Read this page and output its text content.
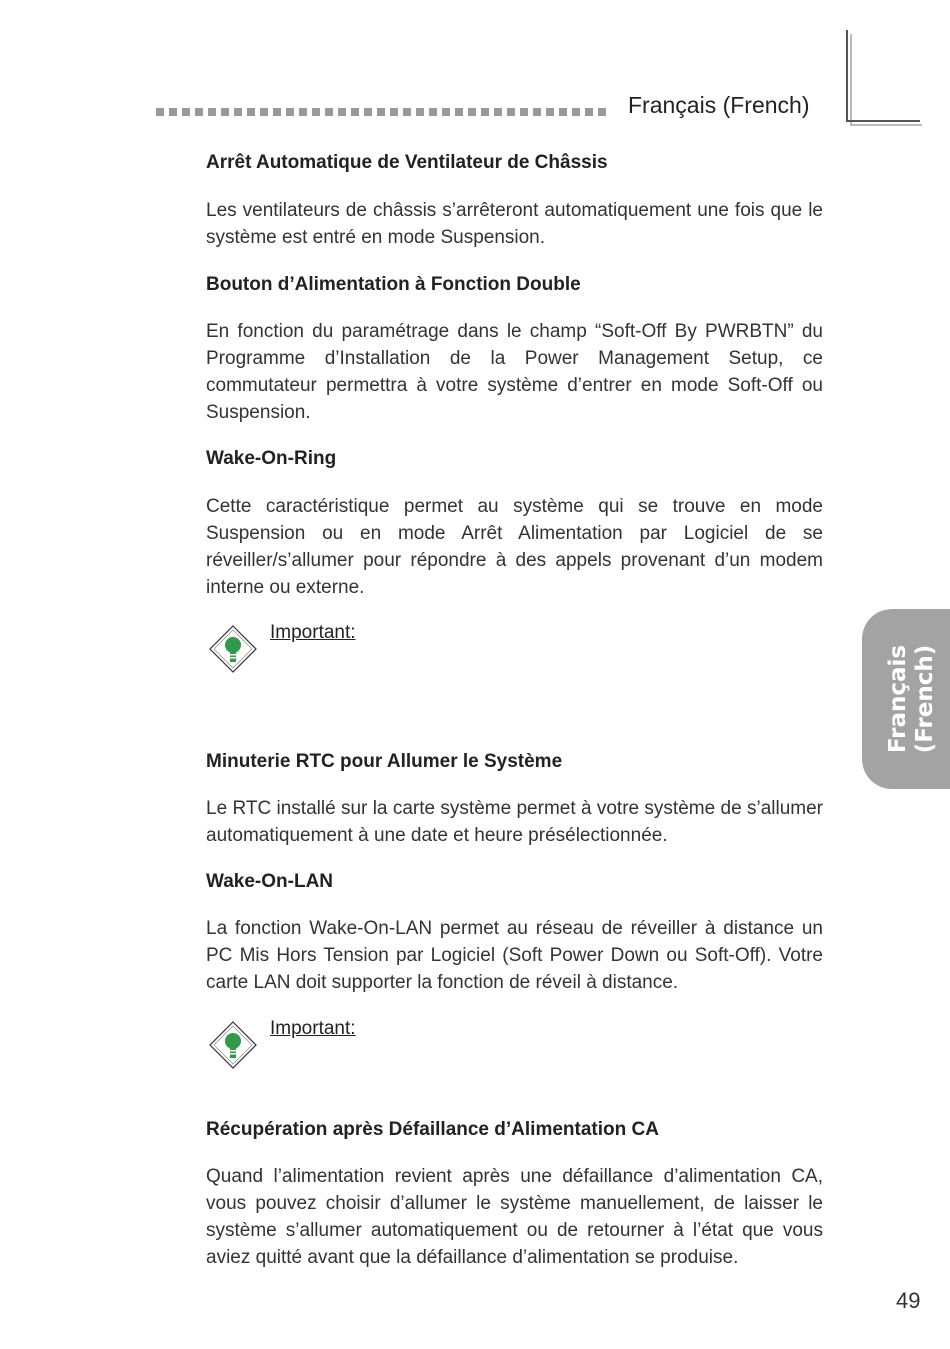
Français (French)
Arrêt Automatique de Ventilateur de Châssis

Les ventilateurs de châssis s’arrêteront automatiquement une fois que le système est entré en mode Suspension.

Bouton d’Alimentation à Fonction Double

En fonction du paramétrage dans le champ “Soft-Off By PWRBTN” du Programme d’Installation de la Power Management Setup, ce commutateur permettra à votre système d’entrer en mode Soft-Off ou Suspension.

Wake-On-Ring

Cette caractéristique permet au système qui se trouve en mode Suspension ou en mode Arrêt Alimentation par Logiciel de se réveiller/s’allumer pour répondre à des appels provenant d’un modem interne ou externe.

Important:
Minuterie RTC pour Allumer le Système

Le RTC installé sur la carte système permet à votre système de s’allumer automatiquement à une date et heure présélectionnée.

Wake-On-LAN

La fonction Wake-On-LAN permet au réseau de réveiller à distance un PC Mis Hors Tension par Logiciel (Soft Power Down ou Soft-Off). Votre carte LAN doit supporter la fonction de réveil à distance.

Important:
Récupération après Défaillance d’Alimentation CA

Quand l’alimentation revient après une défaillance d’alimentation CA, vous pouvez choisir d’allumer le système manuellement, de laisser le système s’allumer automatiquement ou de retourner à l’état que vous aviez quitté avant que la défaillance d’alimentation se produise.

Français (French)
49
